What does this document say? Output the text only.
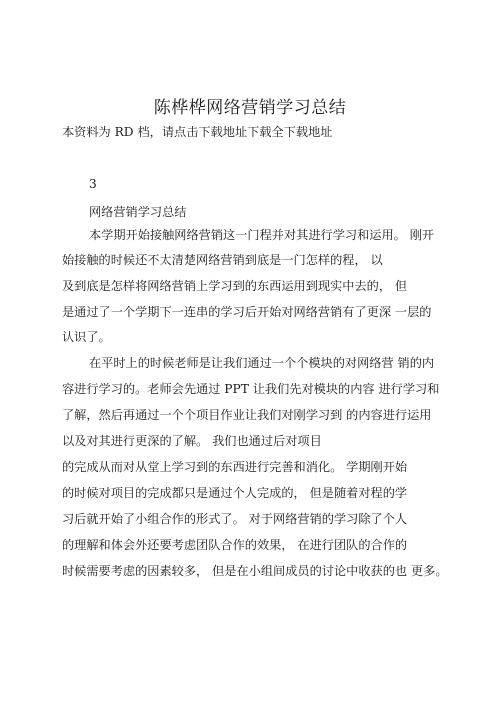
陈桦桦网络营销学习总结
本资料为 RD 档，请点击下载地址下载全下载地址
3
网络营销学习总结
本学期开始接触网络营销这一门程并对其进行学习和运用。 刚开
始接触的时候还不太清楚网络营销到底是一门怎样的程， 以
及到底是怎样将网络营销上学习到的东西运用到现实中去的， 但
是通过了一个学期下一连串的学习后开始对网络营销有了更深 一层的
认识了。
在平时上的时候老师是让我们通过一个个模块的对网络营 销的内
容进行学习的。老师会先通过 PPT 让我们先对模块的内容 进行学习和
了解，然后再通过一个个项目作业让我们对刚学习到 的内容进行运用
以及对其进行更深的了解。 我们也通过后对项目
的完成从而对从堂上学习到的东西进行完善和消化。 学期刚开始
的时候对项目的完成都只是通过个人完成的， 但是随着对程的学
习后就开始了小组合作的形式了。 对于网络营销的学习除了个人
的理解和体会外还要考虑团队合作的效果， 在进行团队的合作的
时候需要考虑的因素较多， 但是在小组间成员的讨论中收获的也 更多。
